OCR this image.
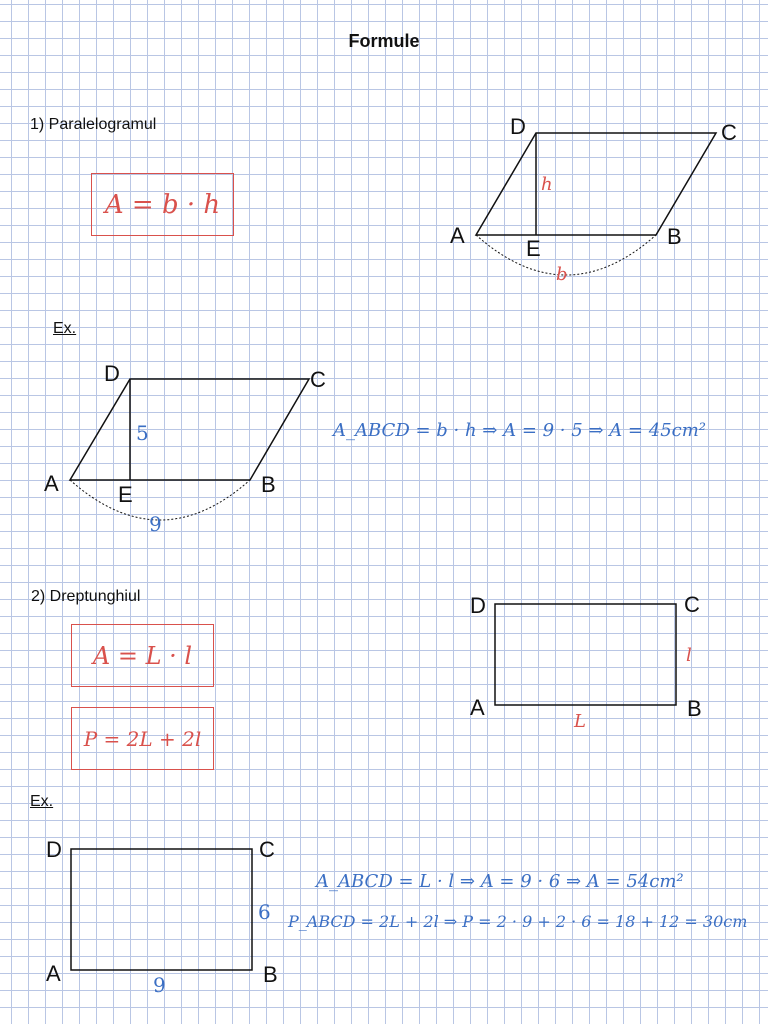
Formule
1) Paralelogramul
A = b · h
D	C
A	B
E
h
b
Ex.
D	C
A	B
E
5
9
A_ABCD = b · h ⇒ A = 9 · 5 ⇒ A = 45cm²
2) Dreptunghiul
A = L · l
P = 2L + 2l
D	C
A	B
l
L
Ex.
D	C
A	B
6
9
A_ABCD = L · l ⇒ A = 9 · 6 ⇒ A = 54cm²
P_ABCD = 2L + 2l ⇒ P = 2 · 9 + 2 · 6 = 18 + 12 = 30cm
